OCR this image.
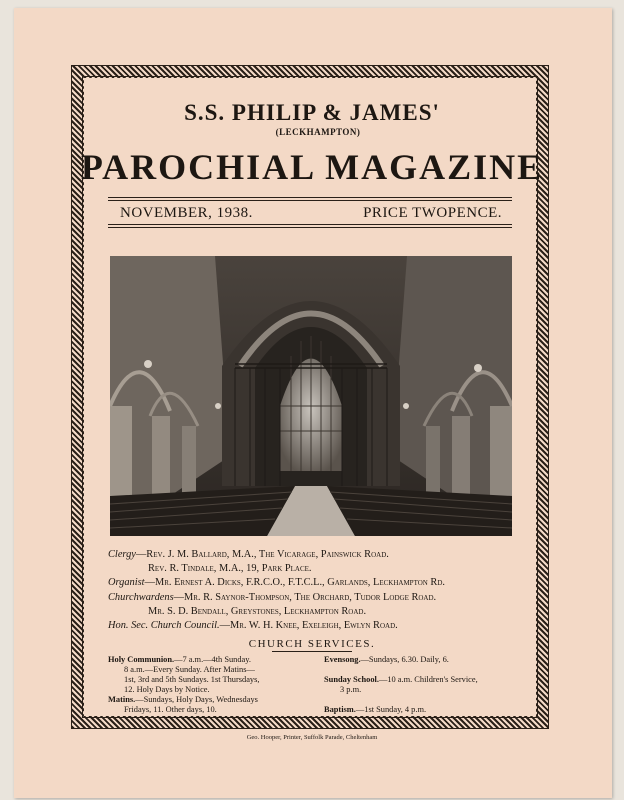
S.S. PHILIP & JAMES'
(LECKHAMPTON)
PAROCHIAL MAGAZINE
NOVEMBER, 1938.	PRICE TWOPENCE.

Clergy—Rev. J. M. Ballard, M.A., The Vicarage, Painswick Road.

Rev. R. Tindale, M.A., 19, Park Place.

Organist—Mr. Ernest A. Dicks, F.R.C.O., F.T.C.L., Garlands, Leckhampton Rd.

Churchwardens—Mr. R. Saynor-Thompson, The Orchard, Tudor Lodge Road.

Mr. S. D. Bendall, Greystones, Leckhampton Road.

Hon. Sec. Church Council.—Mr. W. H. Knee, Exeleigh, Ewlyn Road.

CHURCH SERVICES.

Holy Communion.—7 a.m.—4th Sunday.

8 a.m.—Every Sunday. After Matins—

1st, 3rd and 5th Sundays. 1st Thursdays,

12. Holy Days by Notice.

Matins.—Sundays, Holy Days, Wednesdays

Fridays, 11. Other days, 10.

Evensong.—Sundays, 6.30. Daily, 6.

Sunday School.—10 a.m. Children's Service,

3 p.m.

Baptism.—1st Sunday, 4 p.m.

Geo. Hooper, Printer, Suffolk Parade, Cheltenham
